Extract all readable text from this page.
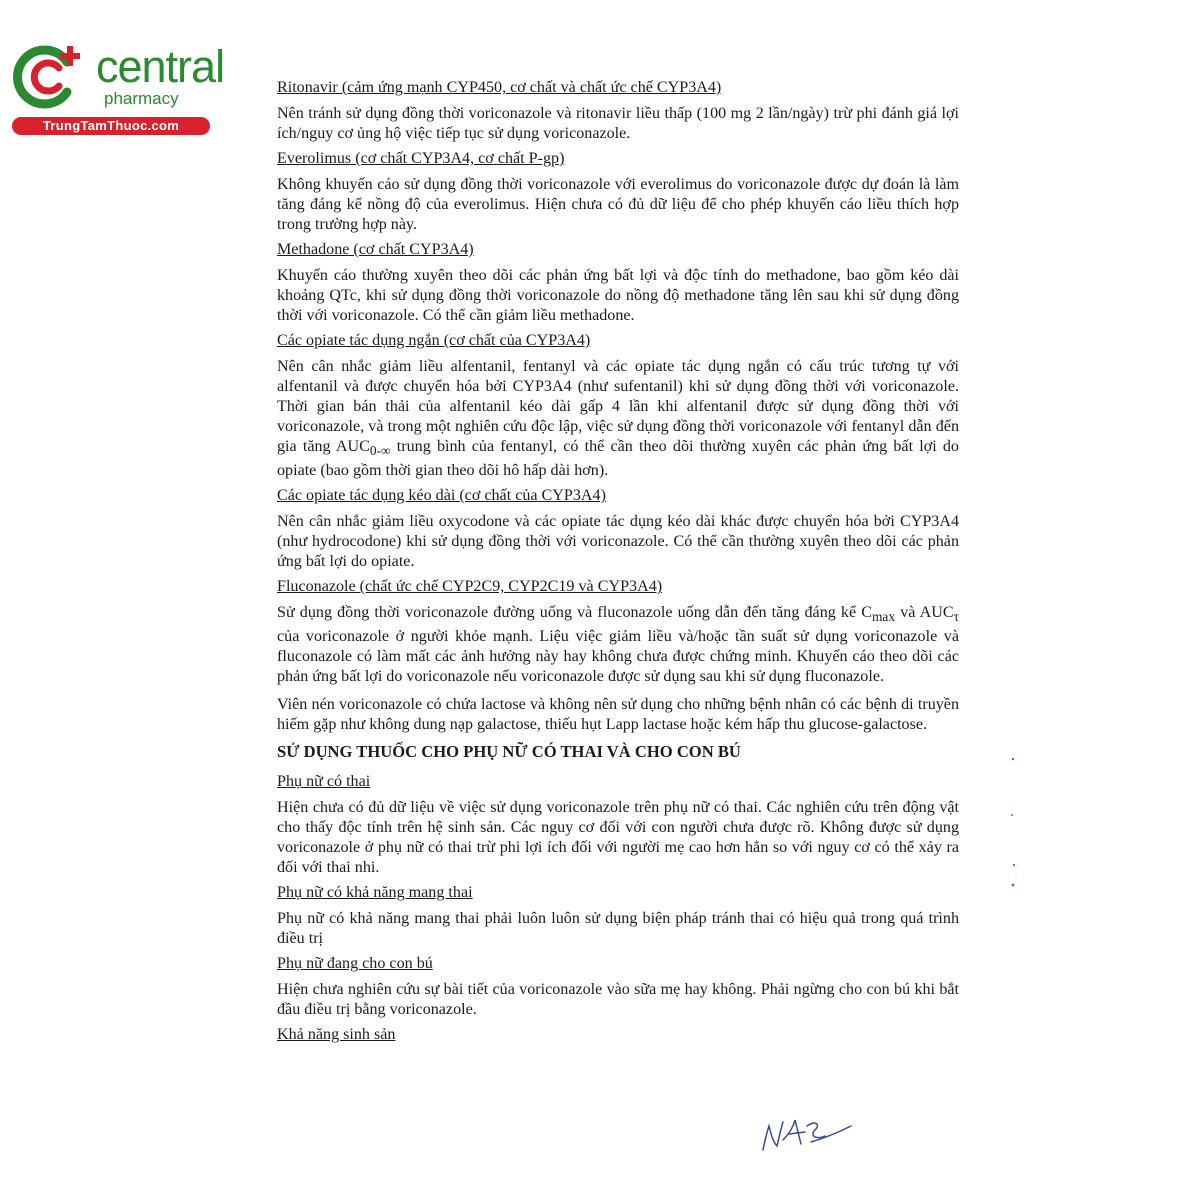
central
pharmacy
TrungTamThuoc.com

Ritonavir (cảm ứng mạnh CYP450, cơ chất và chất ức chế CYP3A4)

Nên tránh sử dụng đồng thời voriconazole và ritonavir liều thấp (100 mg 2 lần/ngày) trừ phi đánh giá lợi ích/nguy cơ ủng hộ việc tiếp tục sử dụng voriconazole.

Everolimus (cơ chất CYP3A4, cơ chất P-gp)

Không khuyến cáo sử dụng đồng thời voriconazole với everolimus do voriconazole được dự đoán là làm tăng đáng kể nồng độ của everolimus. Hiện chưa có đủ dữ liệu để cho phép khuyến cáo liều thích hợp trong trường hợp này.

Methadone (cơ chất CYP3A4)

Khuyến cáo thường xuyên theo dõi các phản ứng bất lợi và độc tính do methadone, bao gồm kéo dài khoảng QTc, khi sử dụng đồng thời voriconazole do nồng độ methadone tăng lên sau khi sử dụng đồng thời với voriconazole. Có thể cần giảm liều methadone.

Các opiate tác dụng ngắn (cơ chất của CYP3A4)

Nên cân nhắc giảm liều alfentanil, fentanyl và các opiate tác dụng ngắn có cấu trúc tương tự với alfentanil và được chuyển hóa bởi CYP3A4 (như sufentanil) khi sử dụng đồng thời với voriconazole. Thời gian bán thải của alfentanil kéo dài gấp 4 lần khi alfentanil được sử dụng đồng thời với voriconazole, và trong một nghiên cứu độc lập, việc sử dụng đồng thời voriconazole với fentanyl dẫn đến gia tăng $AUC_{0-\infty}$ trung bình của fentanyl, có thể cần theo dõi thường xuyên các phản ứng bất lợi do opiate (bao gồm thời gian theo dõi hô hấp dài hơn).

Các opiate tác dụng kéo dài (cơ chất của CYP3A4)

Nên cân nhắc giảm liều oxycodone và các opiate tác dụng kéo dài khác được chuyển hóa bởi CYP3A4 (như hydrocodone) khi sử dụng đồng thời với voriconazole. Có thể cần thường xuyên theo dõi các phản ứng bất lợi do opiate.

Fluconazole (chất ức chế CYP2C9, CYP2C19 và CYP3A4)

Sử dụng đồng thời voriconazole đường uống và fluconazole uống dẫn đến tăng đáng kể $C_{max}$ và $AUC_\tau$ của voriconazole ở người khỏe mạnh. Liệu việc giảm liều và/hoặc tần suất sử dụng voriconazole và fluconazole có làm mất các ảnh hưởng này hay không chưa được chứng minh. Khuyến cáo theo dõi các phản ứng bất lợi do voriconazole nếu voriconazole được sử dụng sau khi sử dụng fluconazole.

Viên nén voriconazole có chứa lactose và không nên sử dụng cho những bệnh nhân có các bệnh di truyền hiếm gặp như không dung nạp galactose, thiếu hụt Lapp lactase hoặc kém hấp thu glucose-galactose.

SỬ DỤNG THUỐC CHO PHỤ NỮ CÓ THAI VÀ CHO CON BÚ

Phụ nữ có thai

Hiện chưa có đủ dữ liệu về việc sử dụng voriconazole trên phụ nữ có thai. Các nghiên cứu trên động vật cho thấy độc tính trên hệ sinh sản. Các nguy cơ đối với con người chưa được rõ. Không được sử dụng voriconazole ở phụ nữ có thai trừ phi lợi ích đối với người mẹ cao hơn hẳn so với nguy cơ có thể xảy ra đối với thai nhi.

Phụ nữ có khả năng mang thai

Phụ nữ có khả năng mang thai phải luôn luôn sử dụng biện pháp tránh thai có hiệu quả trong quá trình điều trị

Phụ nữ đang cho con bú

Hiện chưa nghiên cứu sự bài tiết của voriconazole vào sữa mẹ hay không. Phải ngừng cho con bú khi bắt đầu điều trị bằng voriconazole.

Khả năng sinh sản
